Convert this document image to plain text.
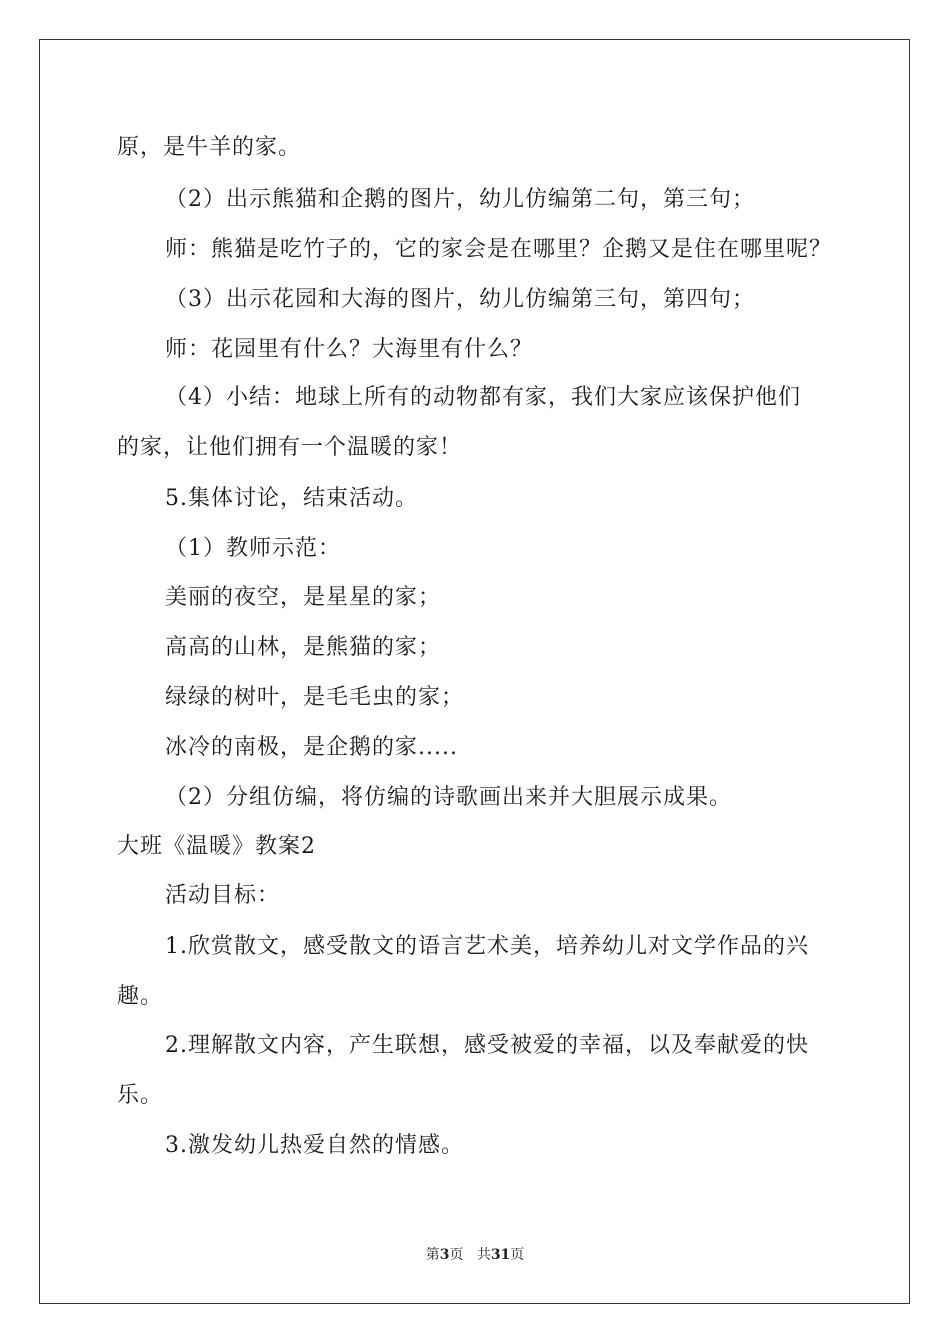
原，是牛羊的家。
（2）出示熊猫和企鹅的图片，幼儿仿编第二句，第三句；
师：熊猫是吃竹子的，它的家会是在哪里？企鹅又是住在哪里呢？
（3）出示花园和大海的图片，幼儿仿编第三句，第四句；
师：花园里有什么？大海里有什么？
（4）小结：地球上所有的动物都有家，我们大家应该保护他们
的家，让他们拥有一个温暖的家！
5.集体讨论，结束活动。
（1）教师示范：
美丽的夜空，是星星的家；
高高的山林，是熊猫的家；
绿绿的树叶，是毛毛虫的家；
冰冷的南极，是企鹅的家.....
（2）分组仿编，将仿编的诗歌画出来并大胆展示成果。
大班《温暖》教案2
活动目标：
1.欣赏散文，感受散文的语言艺术美，培养幼儿对文学作品的兴
趣。
2.理解散文内容，产生联想，感受被爱的幸福，以及奉献爱的快
乐。
3.激发幼儿热爱自然的情感。
第3页 共31页
